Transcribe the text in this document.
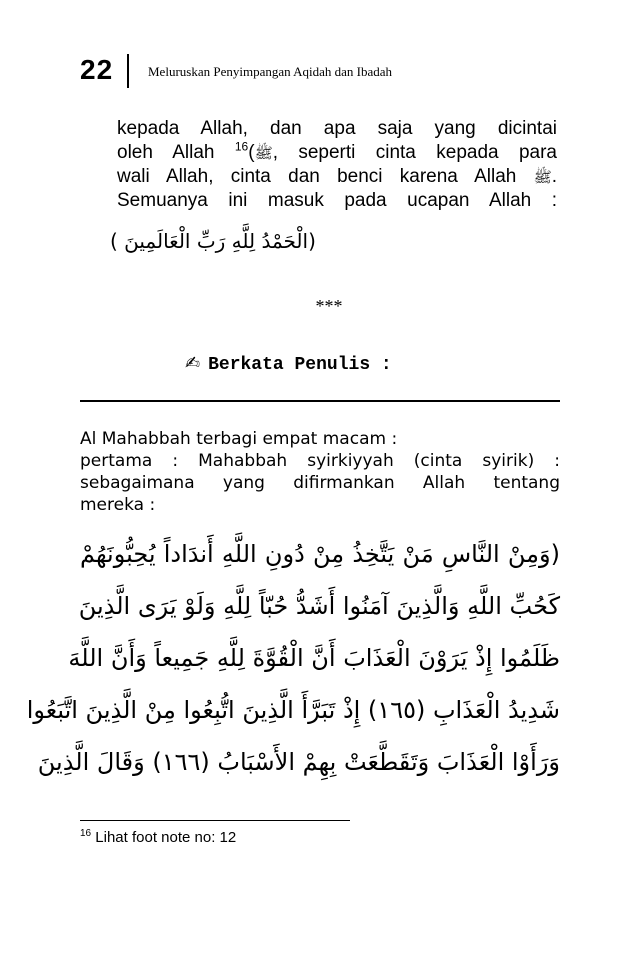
22	Meluruskan Penyimpangan Aqidah dan Ibadah
kepada Allah, dan apa saja yang dicintai
oleh Allah ﷺ)$^{16}$ , seperti cinta kepada para
wali Allah, cinta dan benci karena Allah ﷺ.
Semuanya ini masuk pada ucapan Allah :
(الْحَمْدُ لِلَّهِ رَبِّ الْعَالَمِينَ )
***
✍ Berkata Penulis :
Al Mahabbah terbagi empat macam :
pertama : Mahabbah syirkiyyah (cinta syirik) :
sebagaimana yang difirmankan Allah tentang
mereka :
(وَمِنْ النَّاسِ مَنْ يَتَّخِذُ مِنْ دُونِ اللَّهِ أَندَاداً يُحِبُّونَهُمْ
كَحُبِّ اللَّهِ وَالَّذِينَ آمَنُوا أَشَدُّ حُبّاً لِلَّهِ وَلَوْ يَرَى الَّذِينَ
ظَلَمُوا إِذْ يَرَوْنَ الْعَذَابَ أَنَّ الْقُوَّةَ لِلَّهِ جَمِيعاً وَأَنَّ اللَّهَ
شَدِيدُ الْعَذَابِ (١٦٥) إِذْ تَبَرَّأَ الَّذِينَ اتُّبِعُوا مِنْ الَّذِينَ اتَّبَعُوا
وَرَأَوْا الْعَذَابَ وَتَقَطَّعَتْ بِهِمْ الأَسْبَابُ (١٦٦) وَقَالَ الَّذِينَ
$^{16}$ Lihat foot note no: 12
